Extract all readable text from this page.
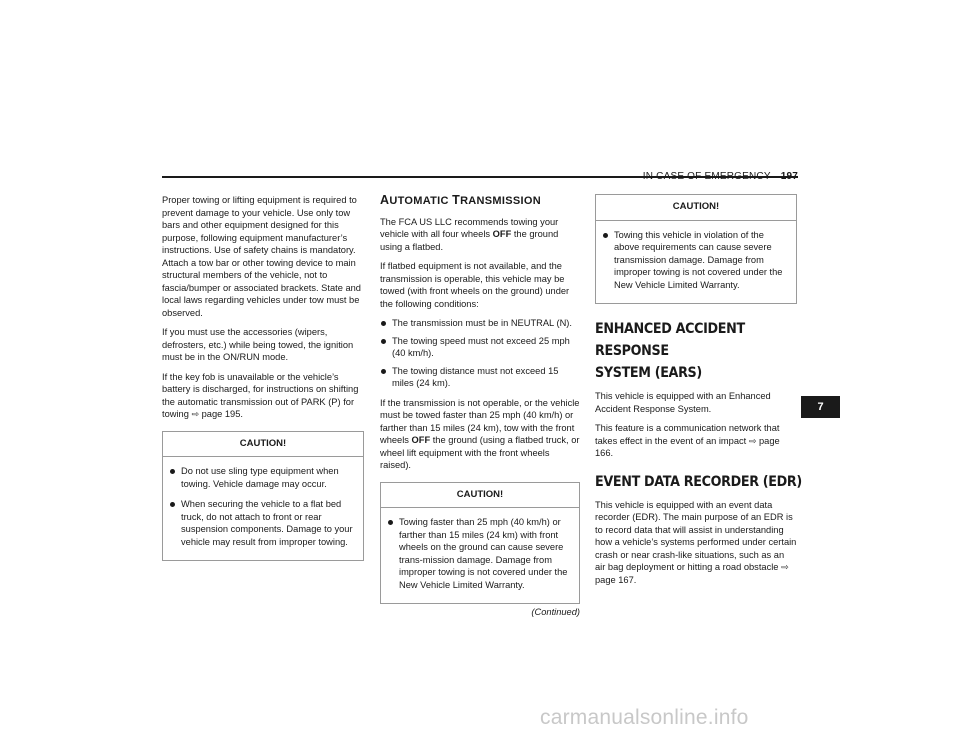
Proper towing or lifting equipment is required to prevent damage to your vehicle. Use only tow bars and other equipment designed for this purpose, following equipment manufacturer’s instructions. Use of safety chains is mandatory. Attach a tow bar or other towing device to main structural members of the vehicle, not to fascia/bumper or associated brackets. State and local laws regarding vehicles under tow must be observed.

If you must use the accessories (wipers, defrosters, etc.) while being towed, the ignition must be in the ON/RUN mode.

If the key fob is unavailable or the vehicle’s battery is discharged, for instructions on shifting the automatic transmission out of PARK (P) for towing ⇨ page 195.

CAUTION!
Do not use sling type equipment when towing. Vehicle damage may occur.
When securing the vehicle to a flat bed truck, do not attach to front or rear suspension components. Damage to your vehicle may result from improper towing.
AUTOMATIC TRANSMISSION

The FCA US LLC recommends towing your vehicle with all four wheels OFF the ground using a flatbed.

If flatbed equipment is not available, and the transmission is operable, this vehicle may be towed (with front wheels on the ground) under the following conditions:

The transmission must be in NEUTRAL (N).
The towing speed must not exceed 25 mph (40 km/h).
The towing distance must not exceed 15 miles (24 km).

If the transmission is not operable, or the vehicle must be towed faster than 25 mph (40 km/h) or farther than 15 miles (24 km), tow with the front wheels OFF the ground (using a flatbed truck, or wheel lift equipment with the front wheels raised).

CAUTION!
Towing faster than 25 mph (40 km/h) or farther than 15 miles (24 km) with front wheels on the ground can cause severe trans-mission damage. Damage from improper towing is not covered under the New Vehicle Limited Warranty.
(Continued)
CAUTION!
Towing this vehicle in violation of the above requirements can cause severe transmission damage. Damage from improper towing is not covered under the New Vehicle Limited Warranty.
ENHANCED ACCIDENT RESPONSE
SYSTEM (EARS)

This vehicle is equipped with an Enhanced Accident Response System.

This feature is a communication network that takes effect in the event of an impact ⇨ page 166.

EVENT DATA RECORDER (EDR)

This vehicle is equipped with an event data recorder (EDR). The main purpose of an EDR is to record data that will assist in understanding how a vehicle’s systems performed under certain crash or near crash-like situations, such as an air bag deployment or hitting a road obstacle ⇨ page 167.

7
carmanualsonline.info
